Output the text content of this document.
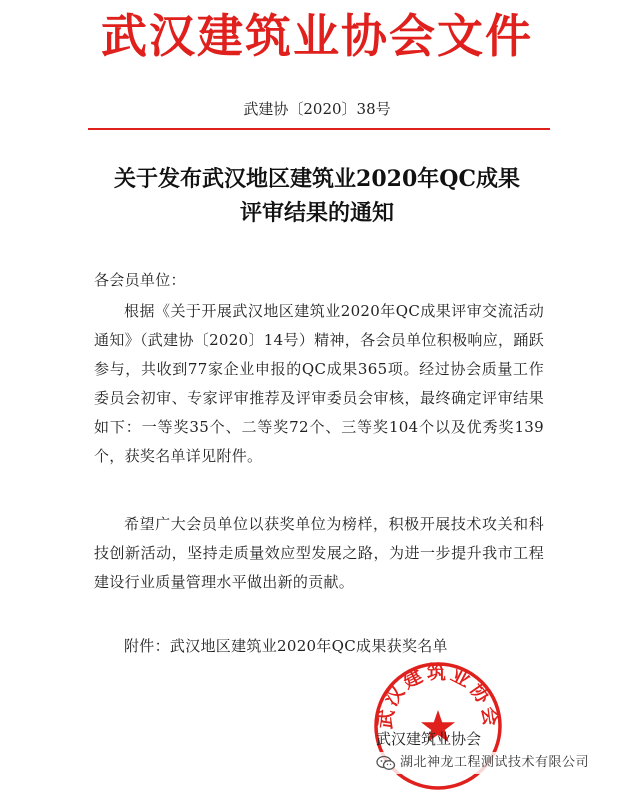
武汉建筑业协会文件
武建协〔2020〕38号
关于发布武汉地区建筑业2020年QC成果
评审结果的通知
各会员单位：
根据《关于开展武汉地区建筑业2020年QC成果评审交流活动通知》（武建协〔2020〕14号）精神，各会员单位积极响应，踊跃参与，共收到77家企业申报的QC成果365项。经过协会质量工作委员会初审、专家评审推荐及评审委员会审核，最终确定评审结果如下：一等奖35个、二等奖72个、三等奖104个以及优秀奖139个，获奖名单详见附件。
希望广大会员单位以获奖单位为榜样，积极开展技术攻关和科技创新活动，坚持走质量效应型发展之路，为进一步提升我市工程建设行业质量管理水平做出新的贡献。
附件：武汉地区建筑业2020年QC成果获奖名单
武汉建筑业协会
武汉建筑业协会
湖北神龙工程测试技术有限公司
